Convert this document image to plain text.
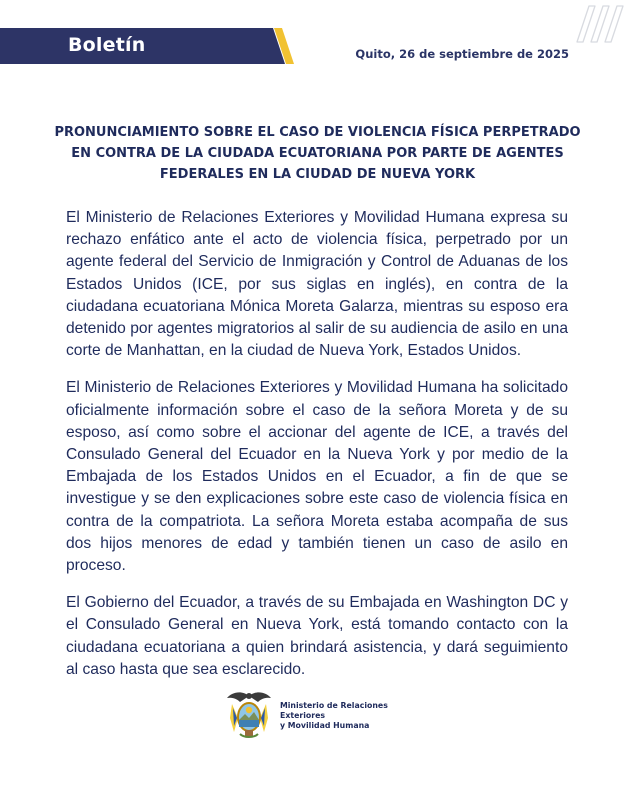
Boletín	Quito, 26 de septiembre de 2025
PRONUNCIAMIENTO SOBRE EL CASO DE VIOLENCIA FÍSICA PERPETRADO EN CONTRA DE LA CIUDADA ECUATORIANA POR PARTE DE AGENTES FEDERALES EN LA CIUDAD DE NUEVA YORK

El Ministerio de Relaciones Exteriores y Movilidad Humana expresa su rechazo enfático ante el acto de violencia física, perpetrado por un agente federal del Servicio de Inmigración y Control de Aduanas de los Estados Unidos (ICE, por sus siglas en inglés), en contra de la ciudadana ecuatoriana Mónica Moreta Galarza, mientras su esposo era detenido por agentes migratorios al salir de su audiencia de asilo en una corte de Manhattan, en la ciudad de Nueva York, Estados Unidos.

El Ministerio de Relaciones Exteriores y Movilidad Humana ha solicitado oficialmente información sobre el caso de la señora Moreta y de su esposo, así como sobre el accionar del agente de ICE, a través del Consulado General del Ecuador en la Nueva York y por medio de la Embajada de los Estados Unidos en el Ecuador, a fin de que se investigue y se den explicaciones sobre este caso de violencia física en contra de la compatriota. La señora Moreta estaba acompaña de sus dos hijos menores de edad y también tienen un caso de asilo en proceso.

El Gobierno del Ecuador, a través de su Embajada en Washington DC y el Consulado General en Nueva York, está tomando contacto con la ciudadana ecuatoriana a quien brindará asistencia, y dará seguimiento al caso hasta que sea esclarecido.

Ministerio de Relaciones Exteriores
y Movilidad Humana
